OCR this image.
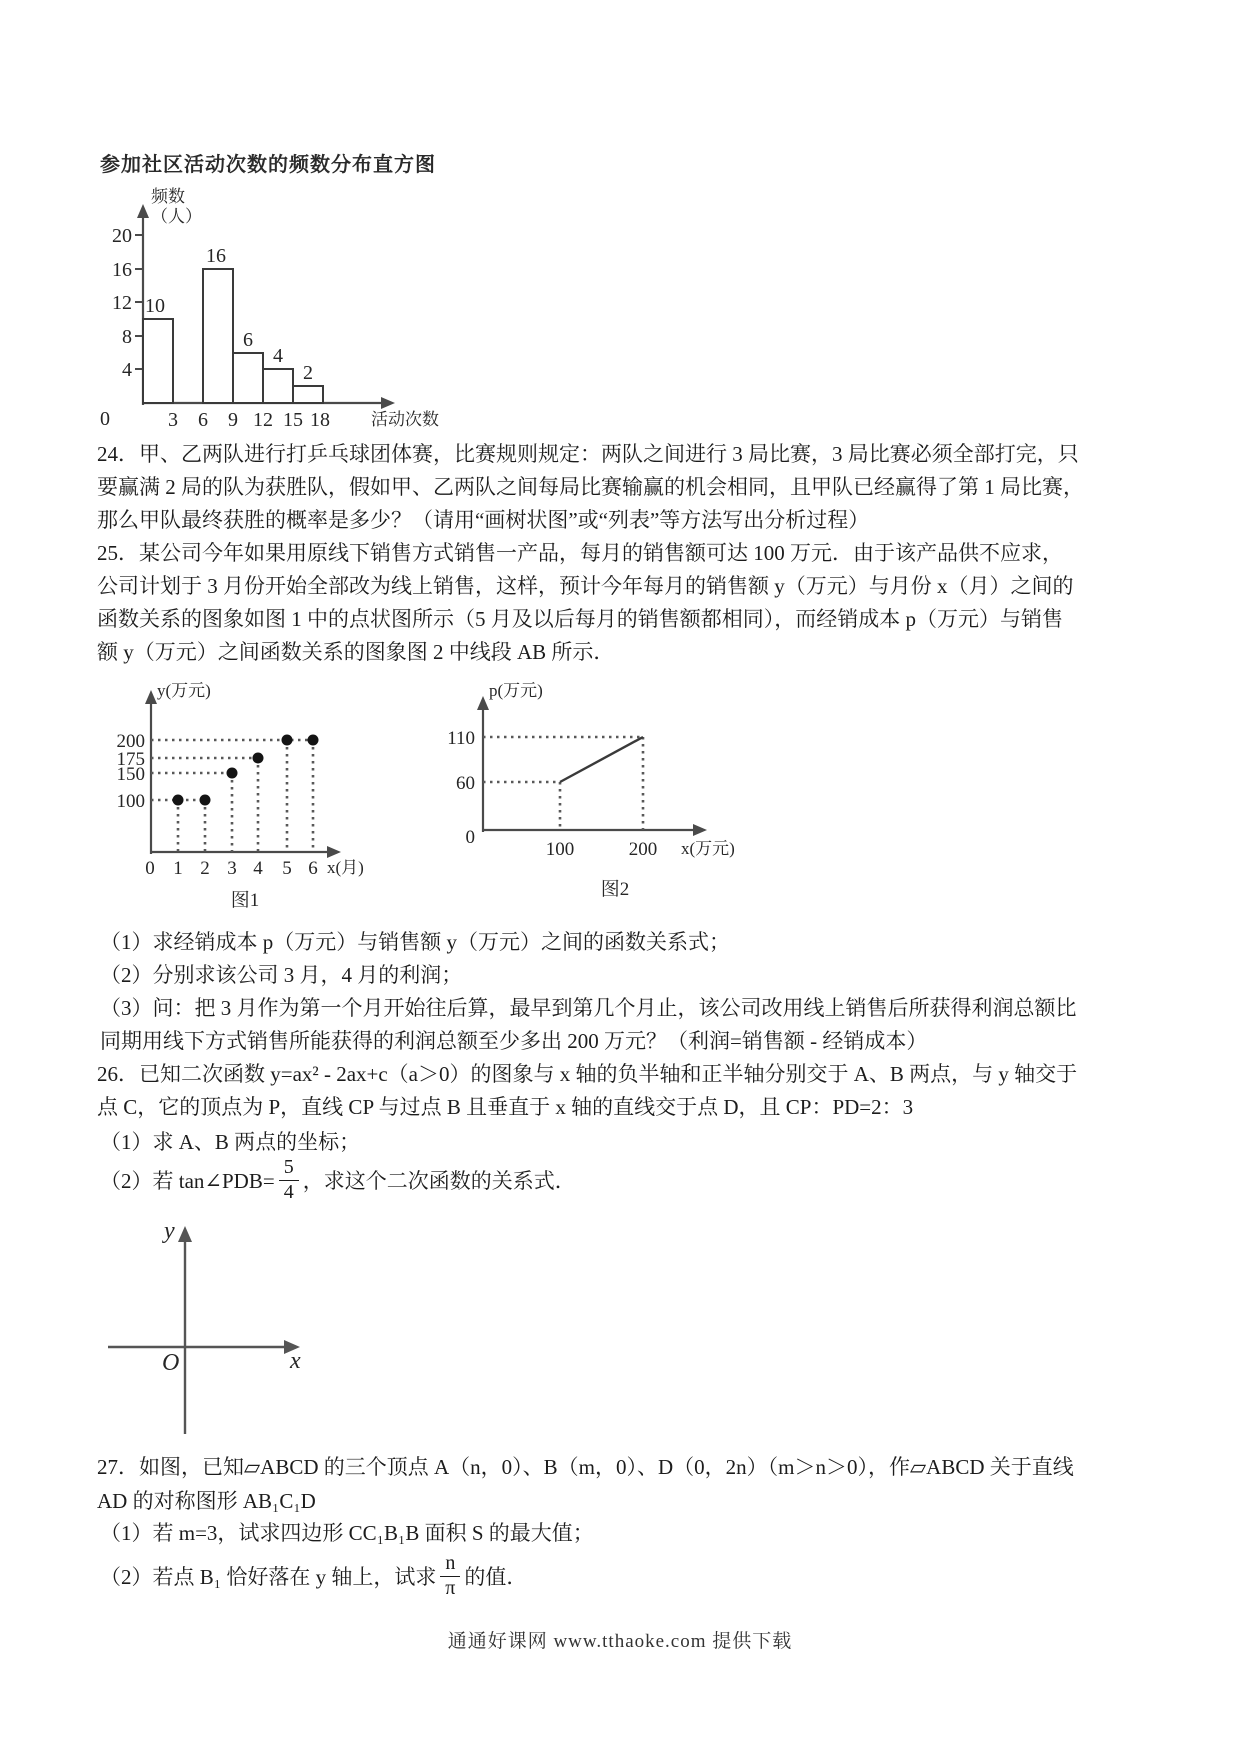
参加社区活动次数的频数分布直方图
20
16
12
8
4
0
频数
（人）
10
16
6
4
2
3 6 9 12 15 18 活动次数
24．甲、乙两队进行打乒乓球团体赛，比赛规则规定：两队之间进行 3 局比赛，3 局比赛必须全部打完，只
要赢满 2 局的队为获胜队，假如甲、乙两队之间每局比赛输赢的机会相同，且甲队已经赢得了第 1 局比赛，
那么甲队最终获胜的概率是多少？（请用“画树状图”或“列表”等方法写出分析过程）
25．某公司今年如果用原线下销售方式销售一产品，每月的销售额可达 100 万元．由于该产品供不应求，
公司计划于 3 月份开始全部改为线上销售，这样，预计今年每月的销售额 y（万元）与月份 x（月）之间的
函数关系的图象如图 1 中的点状图所示（5 月及以后每月的销售额都相同），而经销成本 p（万元）与销售
额 y（万元）之间函数关系的图象图 2 中线段 AB 所示．
y(万元)
200
175
150
100
0 1 2 3 4 5 6 x(月)
图1
p(万元)
110
60
0
100	200 x(万元)
图2
（1）求经销成本 p（万元）与销售额 y（万元）之间的函数关系式；
（2）分别求该公司 3 月，4 月的利润；
（3）问：把 3 月作为第一个月开始往后算，最早到第几个月止，该公司改用线上销售后所获得利润总额比
同期用线下方式销售所能获得的利润总额至少多出 200 万元？（利润=销售额 - 经销成本）
26．已知二次函数 y=ax² - 2ax+c（a＞0）的图象与 x 轴的负半轴和正半轴分别交于 A、B 两点，与 y 轴交于
点 C，它的顶点为 P，直线 CP 与过点 B 且垂直于 x 轴的直线交于点 D，且 CP：PD=2：3
（1）求 A、B 两点的坐标；
（2）若 tan∠PDB= $\frac{5}{4}$ ，求这个二次函数的关系式．
y
x
O
27．如图，已知▱ABCD 的三个顶点 A（n，0）、B（m，0）、D（0，2n）（m＞n＞0），作▱ABCD 关于直线
AD 的对称图形 AB₁C₁D
（1）若 m=3，试求四边形 CC₁B₁B 面积 S 的最大值；
（2）若点 B₁ 恰好落在 y 轴上，试求 $\frac{n}{\pi}$ 的值．
通通好课网 www.tthaoke.com 提供下载
